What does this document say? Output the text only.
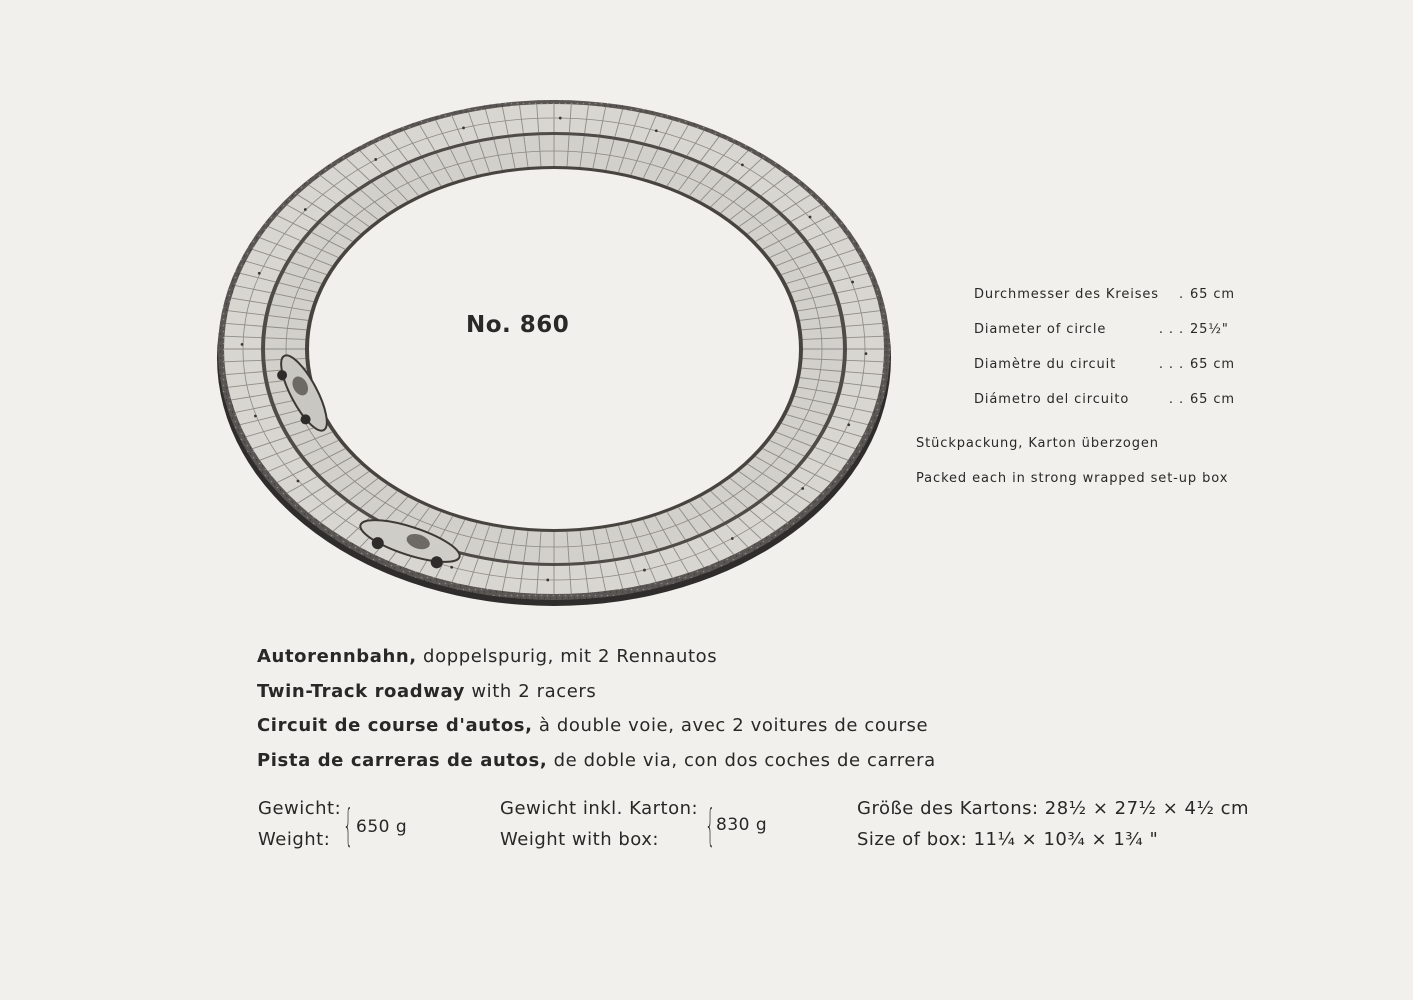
No. 860
Durchmesser des Kreises	. 65 cm
Diameter of circle	. . . 25½"
Diamètre du circuit	. . . 65 cm
Diámetro del circuito	. . 65 cm
Stückpackung, Karton überzogen
Packed each in strong wrapped set-up box
Autorennbahn, doppelspurig, mit 2 Rennautos
Twin-Track roadway with 2 racers
Circuit de course d'autos, à double voie, avec 2 voitures de course
Pista de carreras de autos, de doble via, con dos coches de carrera
Gewicht:
Weight: { 650 g
Gewicht inkl. Karton:
Weight with box:	{ 830 g
Größe des Kartons: 28½ × 27½ × 4½ cm
Size of box: 11¼ × 10¾ × 1¾ "
